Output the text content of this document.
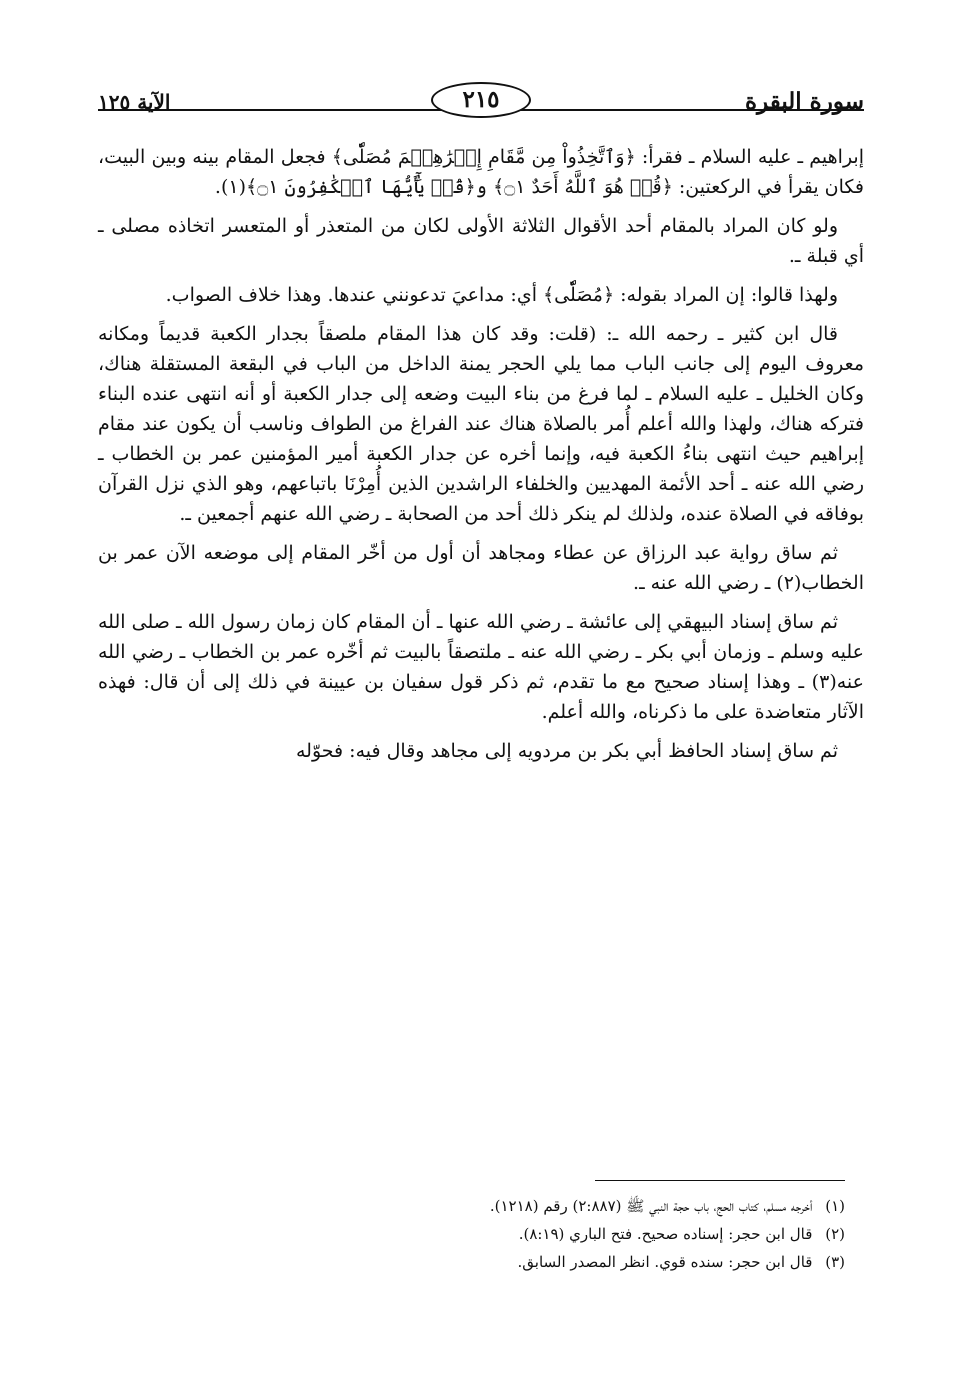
سورة البقرة
٢١٥
الآية ١٢٥

إبراهيم ـ عليه السلام ـ فقرأ: ﴿وَٱتَّخِذُواْ مِن مَّقَامِ إِبۡرَٰهِـۧمَ مُصَلّٗى﴾ فجعل المقام بينه وبين البيت، فكان يقرأ في الركعتين: ﴿قُلۡ هُوَ ٱللَّهُ أَحَدٌ ۝١﴾ و﴿قُلۡ يَٰٓأَيُّهَا ٱلۡكَٰفِرُونَ ۝١﴾(١).

ولو كان المراد بالمقام أحد الأقوال الثلاثة الأولى لكان من المتعذر أو المتعسر اتخاذه مصلى ـ أي قبلة ـ.

ولهذا قالوا: إن المراد بقوله: ﴿مُصَلّٗى﴾ أي: مداعيَ تدعونني عندها. وهذا خلاف الصواب.

قال ابن كثير ـ رحمه الله ـ: (قلت: وقد كان هذا المقام ملصقاً بجدار الكعبة قديماً ومكانه معروف اليوم إلى جانب الباب مما يلي الحجر يمنة الداخل من الباب في البقعة المستقلة هناك، وكان الخليل ـ عليه السلام ـ لما فرغ من بناء البيت وضعه إلى جدار الكعبة أو أنه انتهى عنده البناء فتركه هناك، ولهذا والله أعلم أُمر بالصلاة هناك عند الفراغ من الطواف وناسب أن يكون عند مقام إبراهيم حيث انتهى بناءُ الكعبة فيه، وإنما أخره عن جدار الكعبة أمير المؤمنين عمر بن الخطاب ـ رضي الله عنه ـ أحد الأئمة المهديين والخلفاء الراشدين الذين أُمِرْنَا باتباعهم، وهو الذي نزل القرآن بوفاقه في الصلاة عنده، ولذلك لم ينكر ذلك أحد من الصحابة ـ رضي الله عنهم أجمعين ـ.

ثم ساق رواية عبد الرزاق عن عطاء ومجاهد أن أول من أخّر المقام إلى موضعه الآن عمر بن الخطاب(٢) ـ رضي الله عنه ـ.

ثم ساق إسناد البيهقي إلى عائشة ـ رضي الله عنها ـ أن المقام كان زمان رسول الله ـ صلى الله عليه وسلم ـ وزمان أبي بكر ـ رضي الله عنه ـ ملتصقاً بالبيت ثم أخّره عمر بن الخطاب ـ رضي الله عنه(٣) ـ وهذا إسناد صحيح مع ما تقدم، ثم ذكر قول سفيان بن عيينة في ذلك إلى أن قال: فهذه الآثار متعاضدة على ما ذكرناه، والله أعلم.

ثم ساق إسناد الحافظ أبي بكر بن مردويه إلى مجاهد وقال فيه: فحوّله

(١) أخرجه مسلم، كتاب الحج، باب حجة النبي ﷺ (٢:٨٨٧) رقم (١٢١٨).
(٢) قال ابن حجر: إسناده صحيح. فتح الباري (٨:١٩).
(٣) قال ابن حجر: سنده قوي. انظر المصدر السابق.
